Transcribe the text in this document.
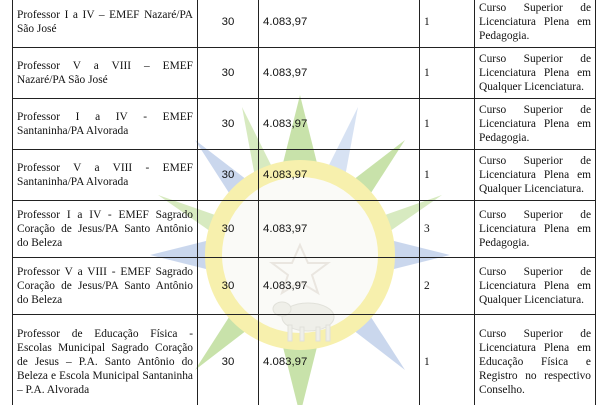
Professor I a IV – EMEF Nazaré/PA São José	30	4.083,97	1	Curso Superior de Licenciatura Plena em Pedagogia.
Professor V a VIII – EMEF Nazaré/PA São José	30	4.083,97	1	Curso Superior de Licenciatura Plena em Qualquer Licenciatura.
Professor I a IV - EMEF Santaninha/PA Alvorada	30	4.083,97	1	Curso Superior de Licenciatura Plena em Pedagogia.
Professor V a VIII - EMEF Santaninha/PA Alvorada	30	4.083,97	1	Curso Superior de Licenciatura Plena em Qualquer Licenciatura.
Professor I a IV - EMEF Sagrado Coração de Jesus/PA Santo Antônio do Beleza	30	4.083,97	3	Curso Superior de Licenciatura Plena em Pedagogia.
Professor V a VIII - EMEF Sagrado Coração de Jesus/PA Santo Antônio do Beleza	30	4.083,97	2	Curso Superior de Licenciatura Plena em Qualquer Licenciatura.
Professor de Educação Física - Escolas Municipal Sagrado Coração de Jesus – P.A. Santo Antônio do Beleza e Escola Municipal Santaninha – P.A. Alvorada	30	4.083,97	1	Curso Superior de Licenciatura Plena em Educação Física e Registro no respectivo Conselho.
